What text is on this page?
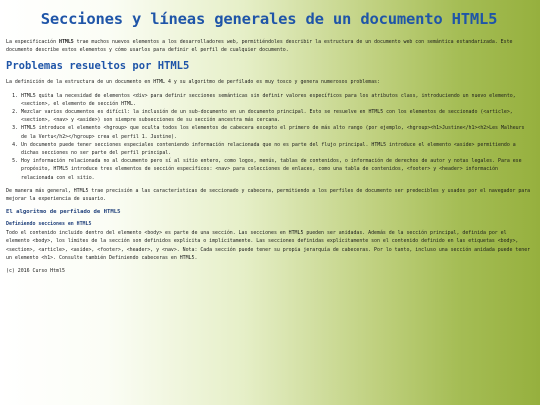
Secciones y líneas generales de un documento HTML5

La especificación HTML5 trae muchos nuevos elementos a los desarrolladores web, permitiéndoles describir la estructura de un documento web con semántica estandarizada. Este documento describe estos elementos y cómo usarlos para definir el perfil de cualquier documento.

Problemas resueltos por HTML5

La definición de la estructura de un documento en HTML 4 y su algoritmo de perfilado es muy tosco y genera numerosos problemas:

1. HTML5 quita la necesidad de elementos <div> para definir secciones semánticas sin definir valores específicos para los atributos class, introduciendo un nuevo elemento, <section>, el elemento de sección HTML.
2. Mezclar varios documentos es difícil: la inclusión de un sub-documento en un documento principal. Esto se resuelve en HTML5 con los elementos de seccionado (<article>, <section>, <nav> y <aside>) son siempre subsecciones de su sección ancestra más cercana.
3. HTML5 introduce el elemento <hgroup> que oculta todos los elementos de cabecera excepto el primero de más alto rango (por ejemplo, <hgroup><h1>Justine</h1><h2>Les Malheurs de la Vertu</h2></hgroup> crea el perfil 1. Justine).
4. Un documento puede tener secciones especiales conteniendo información relacionada que no es parte del flujo principal. HTML5 introduce el elemento <aside> permitiendo a dichas secciones no ser parte del perfil principal.
5. Hoy información relacionada no al documento pero sí al sitio entero, como logos, menús, tablas de contenidos, o información de derechos de autor y notas legales. Para ese propósito, HTML5 introduce tres elementos de sección específicos: <nav> para colecciones de enlaces, como una tabla de contenidos, <footer> y <header> información relacionada con el sitio.

De manera más general, HTML5 trae precisión a las características de seccionado y cabecera, permitiendo a los perfiles de documento ser predecibles y usados por el navegador para mejorar la experiencia de usuario.

El algoritmo de perfilado de HTML5
Definiendo secciones en HTML5

Todo el contenido incluido dentro del elemento <body> es parte de una sección. Las secciones en HTML5 pueden ser anidadas. Además de la sección principal, definida por el elemento <body>, los límites de la sección son definidos explícita o implícitamente. Las secciones definidas explícitamente son el contenido definido en las etiquetas <body>, <section>, <article>, <aside>, <footer>, <header>, y <nav>. Nota: Cada sección puede tener su propia jerarquía de cabeceras. Por lo tanto, incluso una sección anidada puede tener un elemento <h1>. Consulte también Definiendo cabeceras en HTML5.

(c) 2016 Curso Html5
